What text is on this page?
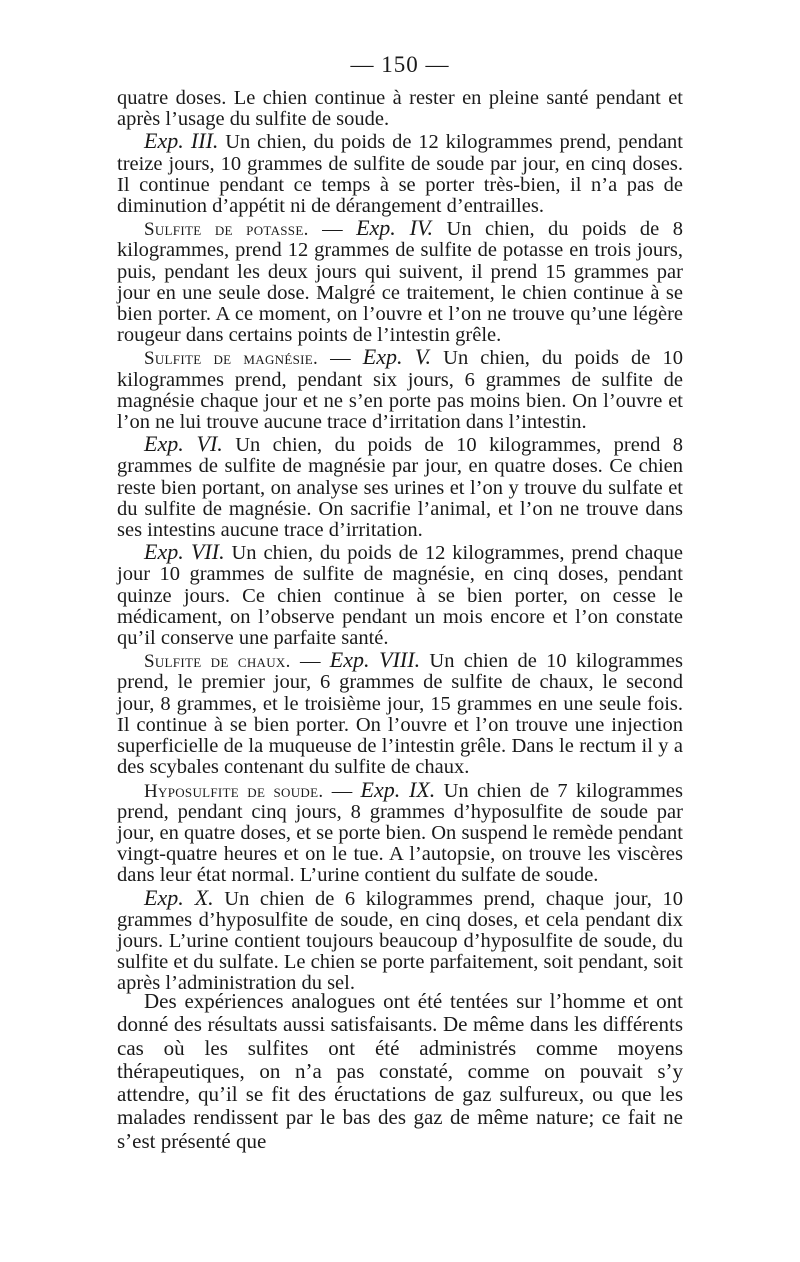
— 150 —

quatre doses. Le chien continue à rester en pleine santé pendant et après l’usage du sulfite de soude.

Exp. III. Un chien, du poids de 12 kilogrammes prend, pendant treize jours, 10 grammes de sulfite de soude par jour, en cinq doses. Il continue pendant ce temps à se porter très-bien, il n’a pas de diminution d’appétit ni de dérangement d’entrailles.

Sulfite de potasse. — Exp. IV. Un chien, du poids de 8 kilogrammes, prend 12 grammes de sulfite de potasse en trois jours, puis, pendant les deux jours qui suivent, il prend 15 grammes par jour en une seule dose. Malgré ce traitement, le chien continue à se bien porter. A ce moment, on l’ouvre et l’on ne trouve qu’une légère rougeur dans certains points de l’intestin grêle.

Sulfite de magnésie. — Exp. V. Un chien, du poids de 10 kilogrammes prend, pendant six jours, 6 grammes de sulfite de magnésie chaque jour et ne s’en porte pas moins bien. On l’ouvre et l’on ne lui trouve aucune trace d’irritation dans l’intestin.

Exp. VI. Un chien, du poids de 10 kilogrammes, prend 8 grammes de sulfite de magnésie par jour, en quatre doses. Ce chien reste bien portant, on analyse ses urines et l’on y trouve du sulfate et du sulfite de magnésie. On sacrifie l’animal, et l’on ne trouve dans ses intestins aucune trace d’irritation.

Exp. VII. Un chien, du poids de 12 kilogrammes, prend chaque jour 10 grammes de sulfite de magnésie, en cinq doses, pendant quinze jours. Ce chien continue à se bien porter, on cesse le médicament, on l’observe pendant un mois encore et l’on constate qu’il conserve une parfaite santé.

Sulfite de chaux. — Exp. VIII. Un chien de 10 kilogrammes prend, le premier jour, 6 grammes de sulfite de chaux, le second jour, 8 grammes, et le troisième jour, 15 grammes en une seule fois. Il continue à se bien porter. On l’ouvre et l’on trouve une injection superficielle de la muqueuse de l’intestin grêle. Dans le rectum il y a des scybales contenant du sulfite de chaux.

Hyposulfite de soude. — Exp. IX. Un chien de 7 kilogrammes prend, pendant cinq jours, 8 grammes d’hyposulfite de soude par jour, en quatre doses, et se porte bien. On suspend le remède pendant vingt-quatre heures et on le tue. A l’autopsie, on trouve les viscères dans leur état normal. L’urine contient du sulfate de soude.

Exp. X. Un chien de 6 kilogrammes prend, chaque jour, 10 grammes d’hyposulfite de soude, en cinq doses, et cela pendant dix jours. L’urine contient toujours beaucoup d’hyposulfite de soude, du sulfite et du sulfate. Le chien se porte parfaitement, soit pendant, soit après l’administration du sel.

Des expériences analogues ont été tentées sur l’homme et ont donné des résultats aussi satisfaisants. De même dans les différents cas où les sulfites ont été administrés comme moyens thérapeutiques, on n’a pas constaté, comme on pouvait s’y attendre, qu’il se fit des éructations de gaz sulfureux, ou que les malades rendissent par le bas des gaz de même nature; ce fait ne s’est présenté que
